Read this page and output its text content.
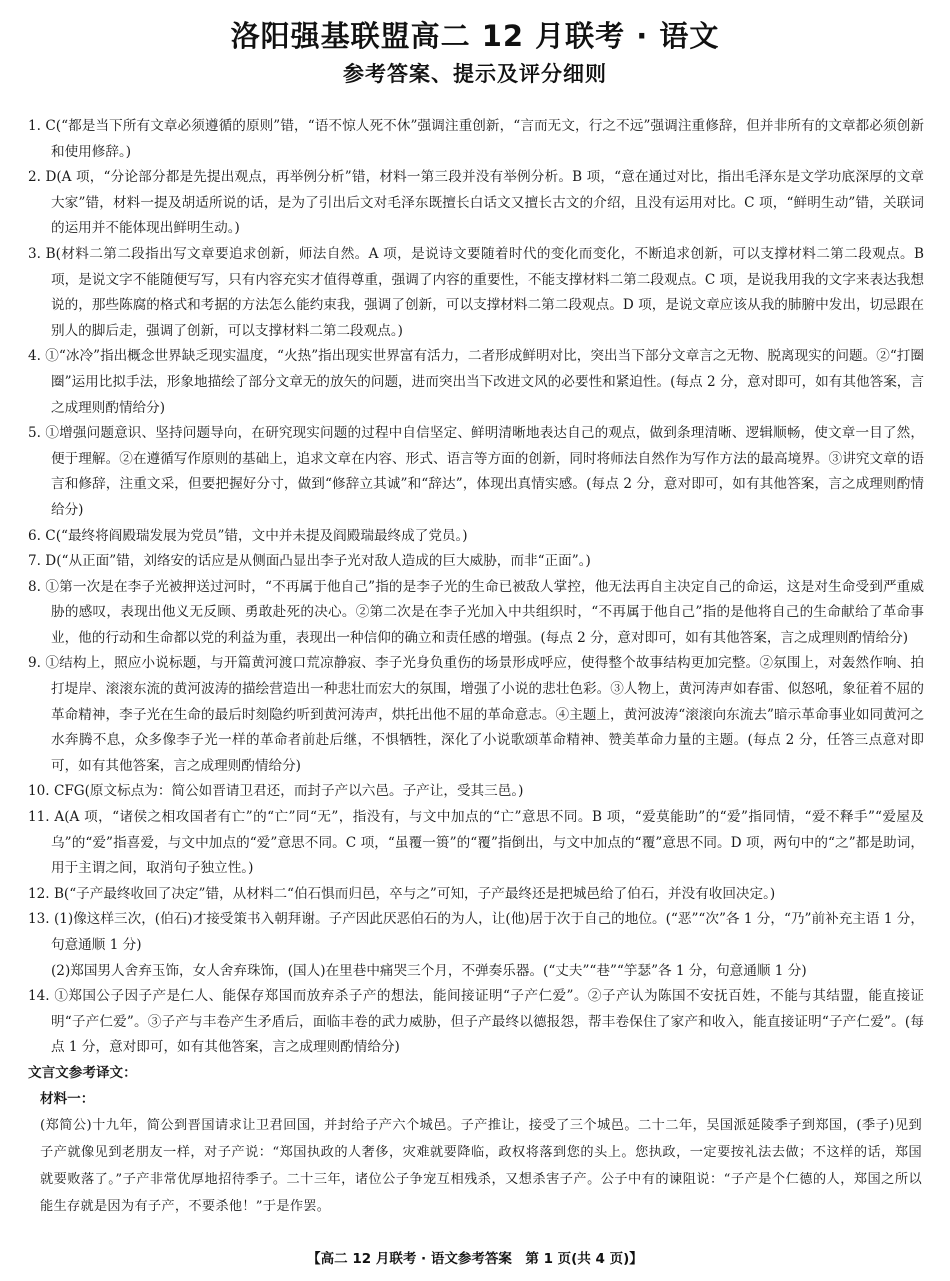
洛阳强基联盟高二 12 月联考 · 语文
参考答案、提示及评分细则

1. C(“都是当下所有文章必须遵循的原则”错，“语不惊人死不休”强调注重创新，“言而无文，行之不远”强调注重修辞，但并非所有的文章都必须创新和使用修辞。)

2. D(A 项，“分论部分都是先提出观点，再举例分析”错，材料一第三段并没有举例分析。B 项，“意在通过对比，指出毛泽东是文学功底深厚的文章大家”错，材料一提及胡适所说的话，是为了引出后文对毛泽东既擅长白话文又擅长古文的介绍，且没有运用对比。C 项，“鲜明生动”错，关联词的运用并不能体现出鲜明生动。)

3. B(材料二第二段指出写文章要追求创新，师法自然。A 项，是说诗文要随着时代的变化而变化，不断追求创新，可以支撑材料二第二段观点。B 项，是说文字不能随便写写，只有内容充实才值得尊重，强调了内容的重要性，不能支撑材料二第二段观点。C 项，是说我用我的文字来表达我想说的，那些陈腐的格式和考据的方法怎么能约束我，强调了创新，可以支撑材料二第二段观点。D 项，是说文章应该从我的肺腑中发出，切忌跟在别人的脚后走，强调了创新，可以支撑材料二第二段观点。)

4. ①“冰冷”指出概念世界缺乏现实温度，“火热”指出现实世界富有活力，二者形成鲜明对比，突出当下部分文章言之无物、脱离现实的问题。②“打圈圈”运用比拟手法，形象地描绘了部分文章无的放矢的问题，进而突出当下改进文风的必要性和紧迫性。(每点 2 分，意对即可，如有其他答案，言之成理则酌情给分)

5. ①增强问题意识、坚持问题导向，在研究现实问题的过程中自信坚定、鲜明清晰地表达自己的观点，做到条理清晰、逻辑顺畅，使文章一目了然，便于理解。②在遵循写作原则的基础上，追求文章在内容、形式、语言等方面的创新，同时将师法自然作为写作方法的最高境界。③讲究文章的语言和修辞，注重文采，但要把握好分寸，做到“修辞立其诚”和“辞达”，体现出真情实感。(每点 2 分，意对即可，如有其他答案，言之成理则酌情给分)

6. C(“最终将阎殿瑞发展为党员”错，文中并未提及阎殿瑞最终成了党员。)

7. D(“从正面”错，刘络安的话应是从侧面凸显出李子光对敌人造成的巨大威胁，而非“正面”。)

8. ①第一次是在李子光被押送过河时，“不再属于他自己”指的是李子光的生命已被敌人掌控，他无法再自主决定自己的命运，这是对生命受到严重威胁的感叹，表现出他义无反顾、勇敢赴死的决心。②第二次是在李子光加入中共组织时，“不再属于他自己”指的是他将自己的生命献给了革命事业，他的行动和生命都以党的利益为重，表现出一种信仰的确立和责任感的增强。(每点 2 分，意对即可，如有其他答案，言之成理则酌情给分)

9. ①结构上，照应小说标题，与开篇黄河渡口荒凉静寂、李子光身负重伤的场景形成呼应，使得整个故事结构更加完整。②氛围上，对轰然作响、拍打堤岸、滚滚东流的黄河波涛的描绘营造出一种悲壮而宏大的氛围，增强了小说的悲壮色彩。③人物上，黄河涛声如春雷、似怒吼，象征着不屈的革命精神，李子光在生命的最后时刻隐约听到黄河涛声，烘托出他不屈的革命意志。④主题上，黄河波涛“滚滚向东流去”暗示革命事业如同黄河之水奔腾不息，众多像李子光一样的革命者前赴后继，不惧牺牲，深化了小说歌颂革命精神、赞美革命力量的主题。(每点 2 分，任答三点意对即可，如有其他答案，言之成理则酌情给分)

10. CFG(原文标点为：简公如晋请卫君还，而封子产以六邑。子产让，受其三邑。)

11. A(A 项，“诸侯之相攻国者有亡”的“亡”同“无”，指没有，与文中加点的“亡”意思不同。B 项，“爱莫能助”的“爱”指同情，“爱不释手”“爱屋及乌”的“爱”指喜爱，与文中加点的“爱”意思不同。C 项，“虽覆一篑”的“覆”指倒出，与文中加点的“覆”意思不同。D 项，两句中的“之”都是助词，用于主谓之间，取消句子独立性。)

12. B(“子产最终收回了决定”错，从材料二“伯石惧而归邑，卒与之”可知，子产最终还是把城邑给了伯石，并没有收回决定。)

13. (1)像这样三次，(伯石)才接受策书入朝拜谢。子产因此厌恶伯石的为人，让(他)居于次于自己的地位。(“恶”“次”各 1 分，“乃”前补充主语 1 分，句意通顺 1 分)

(2)郑国男人舍弃玉饰，女人舍弃珠饰，(国人)在里巷中痛哭三个月，不弹奏乐器。(“丈夫”“巷”“竽瑟”各 1 分，句意通顺 1 分)

14. ①郑国公子因子产是仁人、能保存郑国而放弃杀子产的想法，能间接证明“子产仁爱”。②子产认为陈国不安抚百姓，不能与其结盟，能直接证明“子产仁爱”。③子产与丰卷产生矛盾后，面临丰卷的武力威胁，但子产最终以德报怨，帮丰卷保住了家产和收入，能直接证明“子产仁爱”。(每点 1 分，意对即可，如有其他答案，言之成理则酌情给分)

文言文参考译文：

材料一：

(郑简公)十九年，简公到晋国请求让卫君回国，并封给子产六个城邑。子产推让，接受了三个城邑。二十二年，吴国派延陵季子到郑国，(季子)见到子产就像见到老朋友一样，对子产说：“郑国执政的人奢侈，灾难就要降临，政权将落到您的头上。您执政，一定要按礼法去做；不这样的话，郑国就要败落了。”子产非常优厚地招待季子。二十三年，诸位公子争宠互相残杀，又想杀害子产。公子中有的谏阻说：“子产是个仁德的人，郑国之所以能生存就是因为有子产，不要杀他！”于是作罢。

【高二 12 月联考 · 语文参考答案　第 1 页(共 4 页)】
